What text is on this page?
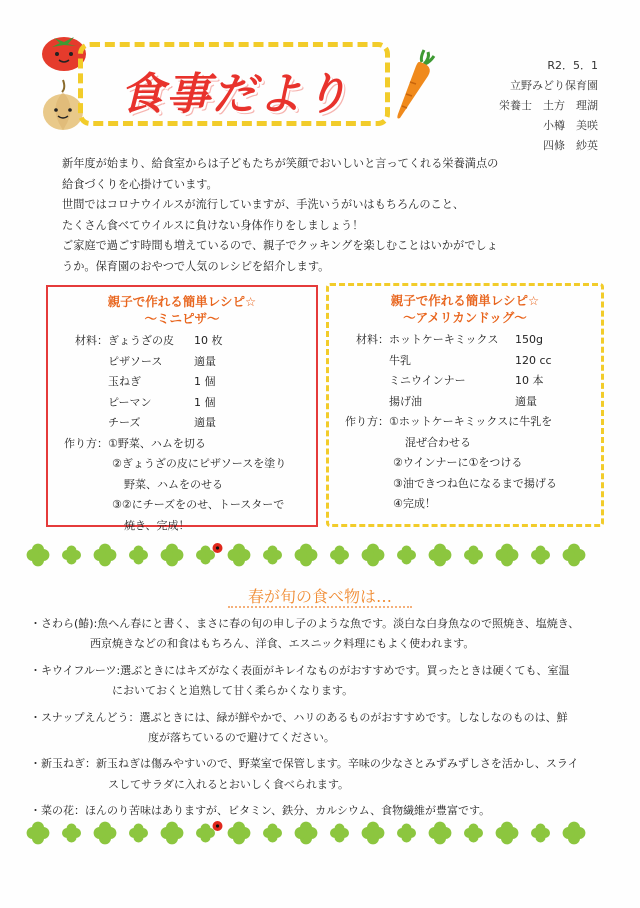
食事だより
R2．5．1
立野みどり保育園
栄養士　 土方　理湖
小樽　美咲
四條　紗英

新年度が始まり、給食室からは子どもたちが笑顔でおいしいと言ってくれる栄養満点の

給食づくりを心掛けています。

世間ではコロナウイルスが流行していますが、手洗いうがいはもちろんのこと、

たくさん食べてウイルスに負けない身体作りをしましょう！

ご家庭で過ごす時間も増えているので、親子でクッキングを楽しむことはいかがでしょ

うか。保育園のおやつで人気のレシピを紹介します。

親子で作れる簡単レシピ☆
～ミニピザ～
材料： ぎょうざの皮	10 枚
ピザソース	適量
玉ねぎ	1 個
ピーマン	1 個
チーズ	適量
作り方： ①野菜、ハムを切る
②ぎょうざの皮にピザソースを塗り
野菜、ハムをのせる
③②にチーズをのせ、トースターで
焼き、完成！
親子で作れる簡単レシピ☆
～アメリカンドッグ～
材料： ホットケーキミックス	150g
牛乳	120 cc
ミニウインナー	10 本
揚げ油	適量
作り方： ①ホットケーキミックスに牛乳を
混ぜ合わせる
②ウインナーに①をつける
③油できつね色になるまで揚げる
④完成！
春が旬の食べ物は…
・さわら(鰆):魚へん春にと書く、まさに春の旬の申し子のような魚です。淡白な白身魚なので照焼き、塩焼き、
西京焼きなどの和食はもちろん、洋食、エスニック料理にもよく使われます。
・キウイフルーツ:選ぶときにはキズがなく表面がキレイなものがおすすめです。買ったときは硬くても、室温
においておくと追熟して甘く柔らかくなります。
・スナップえんどう：選ぶときには、緑が鮮やかで、ハリのあるものがおすすめです。しなしなのものは、鮮
度が落ちているので避けてください。
・新玉ねぎ：新玉ねぎは傷みやすいので、野菜室で保管します。辛味の少なさとみずみずしさを活かし、スライ
スしてサラダに入れるとおいしく食べられます。
・菜の花：ほんのり苦味はありますが、ビタミン、鉄分、カルシウム、食物繊維が豊富です。
